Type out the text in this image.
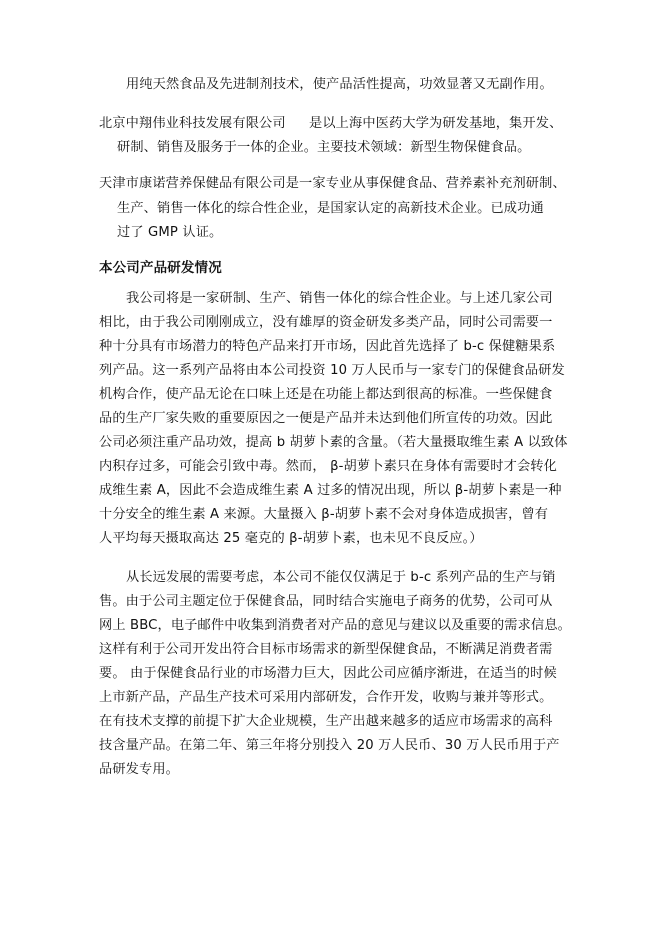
用纯天然食品及先进制剂技术，使产品活性提高，功效显著又无副作用。
北京中翔伟业科技发展有限公司 是以上海中医药大学为研发基地，集开发、
研制、销售及服务于一体的企业。主要技术领域：新型生物保健食品。
天津市康诺营养保健品有限公司是一家专业从事保健食品、营养素补充剂研制、
生产、销售一体化的综合性企业，是国家认定的高新技术企业。已成功通
过了 GMP 认证。
本公司产品研发情况
我公司将是一家研制、生产、销售一体化的综合性企业。与上述几家公司
相比，由于我公司刚刚成立，没有雄厚的资金研发多类产品，同时公司需要一
种十分具有市场潜力的特色产品来打开市场，因此首先选择了 b-c 保健糖果系
列产品。这一系列产品将由本公司投资 10 万人民币与一家专门的保健食品研发
机构合作，使产品无论在口味上还是在功能上都达到很高的标准。一些保健食
品的生产厂家失败的重要原因之一便是产品并未达到他们所宣传的功效。因此
公司必须注重产品功效，提高 b 胡萝卜素的含量。（若大量摄取维生素 A 以致体
内积存过多，可能会引致中毒。然而， β-胡萝卜素只在身体有需要时才会转化
成维生素 A，因此不会造成维生素 A 过多的情况出现，所以 β-胡萝卜素是一种
十分安全的维生素 A 来源。大量摄入 β-胡萝卜素不会对身体造成损害，曾有
人平均每天摄取高达 25 毫克的 β-胡萝卜素，也未见不良反应。）
从长远发展的需要考虑，本公司不能仅仅满足于 b-c 系列产品的生产与销
售。由于公司主题定位于保健食品，同时结合实施电子商务的优势，公司可从
网上 BBC，电子邮件中收集到消费者对产品的意见与建议以及重要的需求信息。
这样有利于公司开发出符合目标市场需求的新型保健食品，不断满足消费者需
要。 由于保健食品行业的市场潜力巨大，因此公司应循序渐进，在适当的时候
上市新产品，产品生产技术可采用内部研发，合作开发，收购与兼并等形式。
在有技术支撑的前提下扩大企业规模，生产出越来越多的适应市场需求的高科
技含量产品。在第二年、第三年将分别投入 20 万人民币、30 万人民币用于产
品研发专用。
